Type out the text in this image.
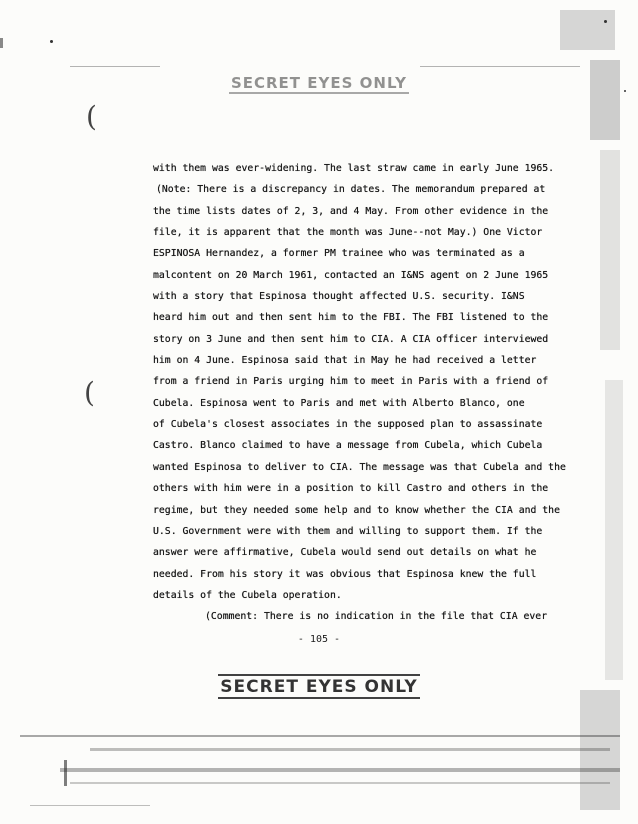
(
(
SECRET EYES ONLY
with them was ever-widening. The last straw came in early June 1965.
(Note: There is a discrepancy in dates. The memorandum prepared at
the time lists dates of 2, 3, and 4 May. From other evidence in the
file, it is apparent that the month was June--not May.) One Victor
ESPINOSA Hernandez, a former PM trainee who was terminated as a
malcontent on 20 March 1961, contacted an I&NS agent on 2 June 1965
with a story that Espinosa thought affected U.S. security. I&NS
heard him out and then sent him to the FBI. The FBI listened to the
story on 3 June and then sent him to CIA. A CIA officer interviewed
him on 4 June. Espinosa said that in May he had received a letter
from a friend in Paris urging him to meet in Paris with a friend of
Cubela. Espinosa went to Paris and met with Alberto Blanco, one
of Cubela's closest associates in the supposed plan to assassinate
Castro. Blanco claimed to have a message from Cubela, which Cubela
wanted Espinosa to deliver to CIA. The message was that Cubela and the
others with him were in a position to kill Castro and others in the
regime, but they needed some help and to know whether the CIA and the
U.S. Government were with them and willing to support them. If the
answer were affirmative, Cubela would send out details on what he
needed. From his story it was obvious that Espinosa knew the full
details of the Cubela operation.
(Comment: There is no indication in the file that CIA ever
- 105 -
SECRET EYES ONLY
